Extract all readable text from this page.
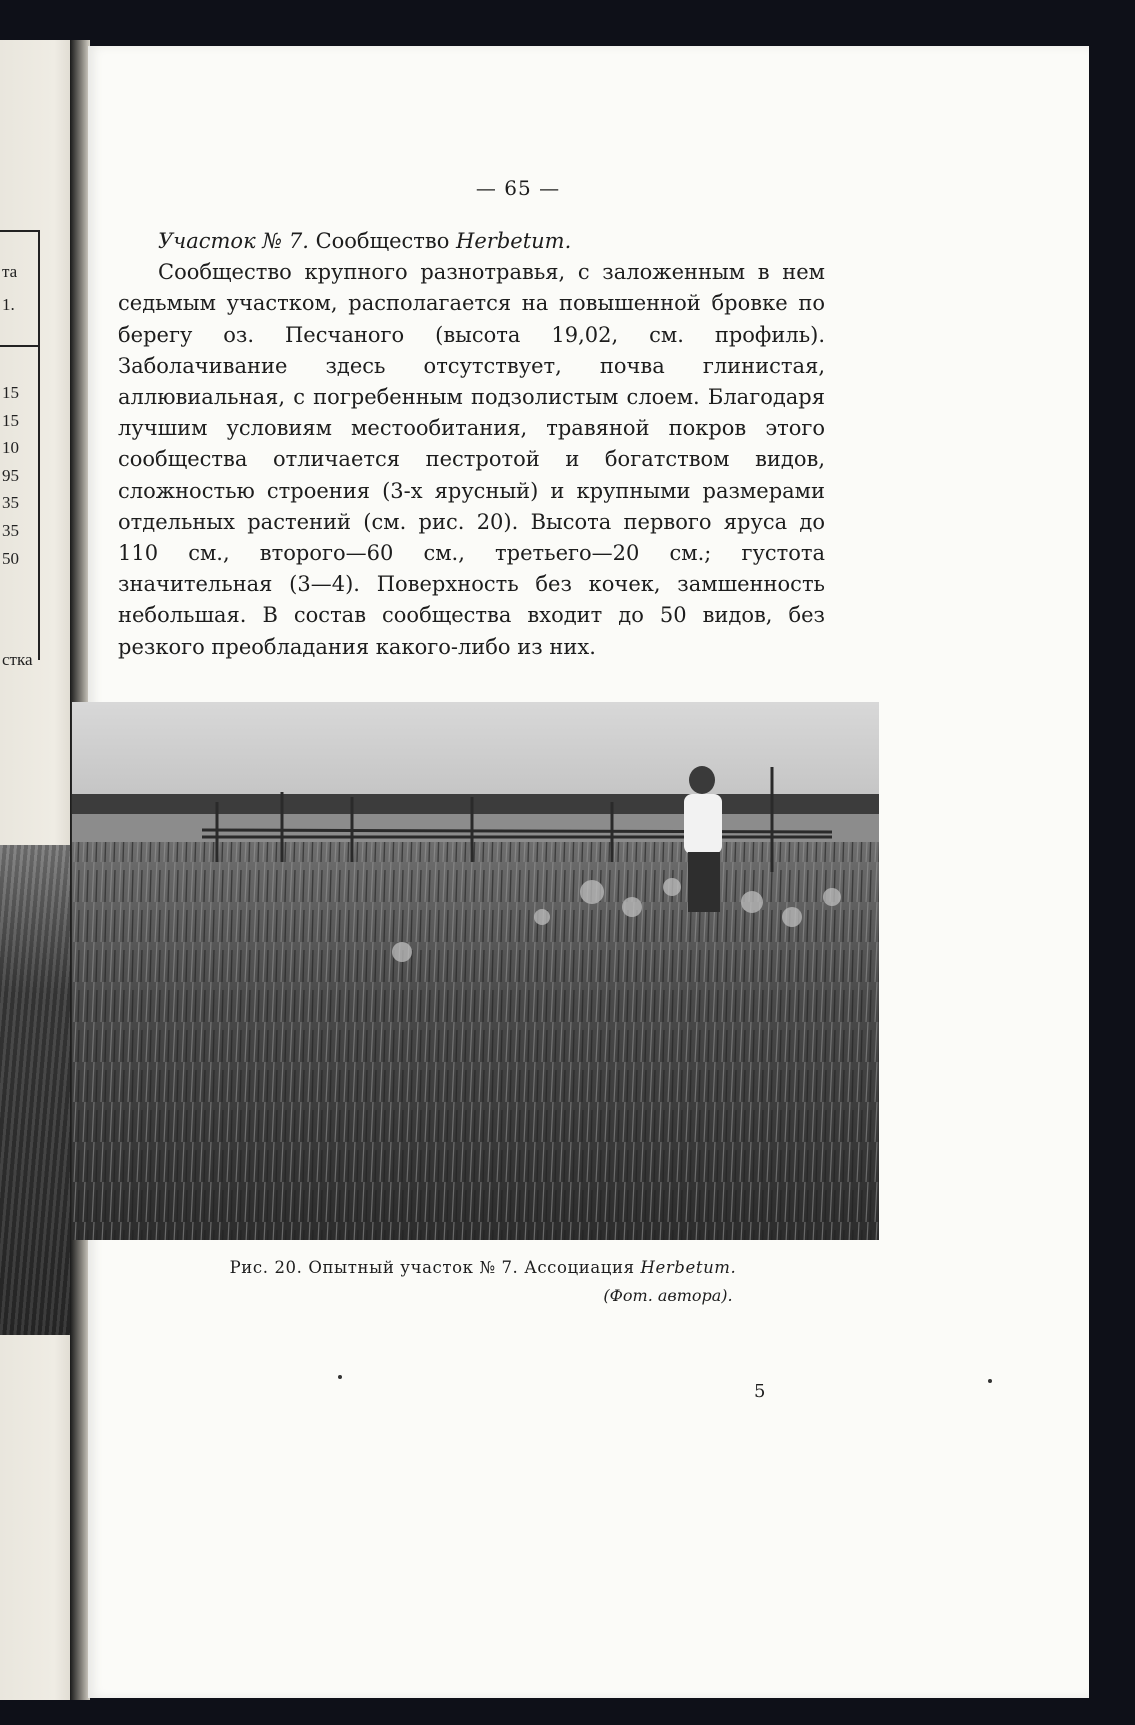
та
1.
15
15
10
95
35
35
50
стка
— 65 —

Участок № 7. Сообщество Herbetum.

Сообщество крупного разнотравья, с заложенным в нем седьмым участком, располагается на повышенной бровке по берегу оз. Песчаного (высота 19,02, см. профиль). Заболачивание здесь отсутствует, почва глинистая, аллювиальная, с погребенным подзолистым слоем. Благодаря лучшим условиям местообитания, травяной покров этого сообщества отличается пестротой и богатством видов, сложностью строения (3-х ярусный) и крупными размерами отдельных растений (см. рис. 20). Высота первого яруса до 110 см., второго—60 см., третьего—20 см.; густота значительная (3—4). Поверхность без кочек, замшенность небольшая. В состав сообщества входит до 50 видов, без резкого преобладания какого-либо из них.

Рис. 20. Опытный участок № 7. Ассоциация Herbetum.
(Фот. автора).
5
